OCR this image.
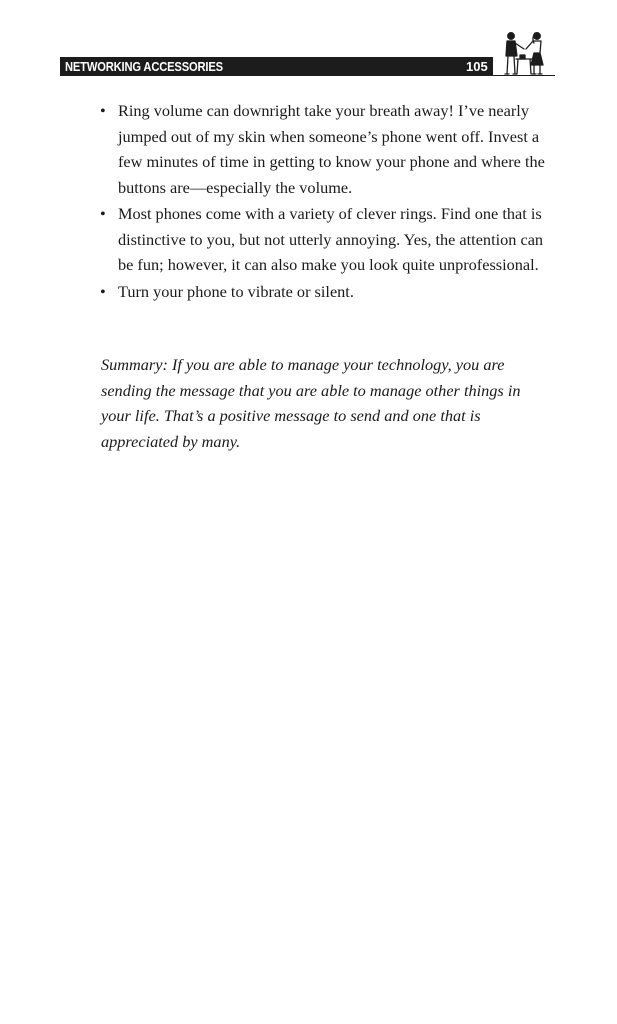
NETWORKING ACCESSORIES	105
• Ring volume can downright take your breath away! I’ve nearly jumped out of my skin when someone’s phone went off. Invest a few minutes of time in getting to know your phone and where the buttons are—especially the volume.
• Most phones come with a variety of clever rings. Find one that is distinctive to you, but not utterly annoying. Yes, the attention can be fun; however, it can also make you look quite unprofessional.
• Turn your phone to vibrate or silent.

Summary: If you are able to manage your technology, you are sending the message that you are able to manage other things in your life. That’s a positive message to send and one that is appreciated by many.
